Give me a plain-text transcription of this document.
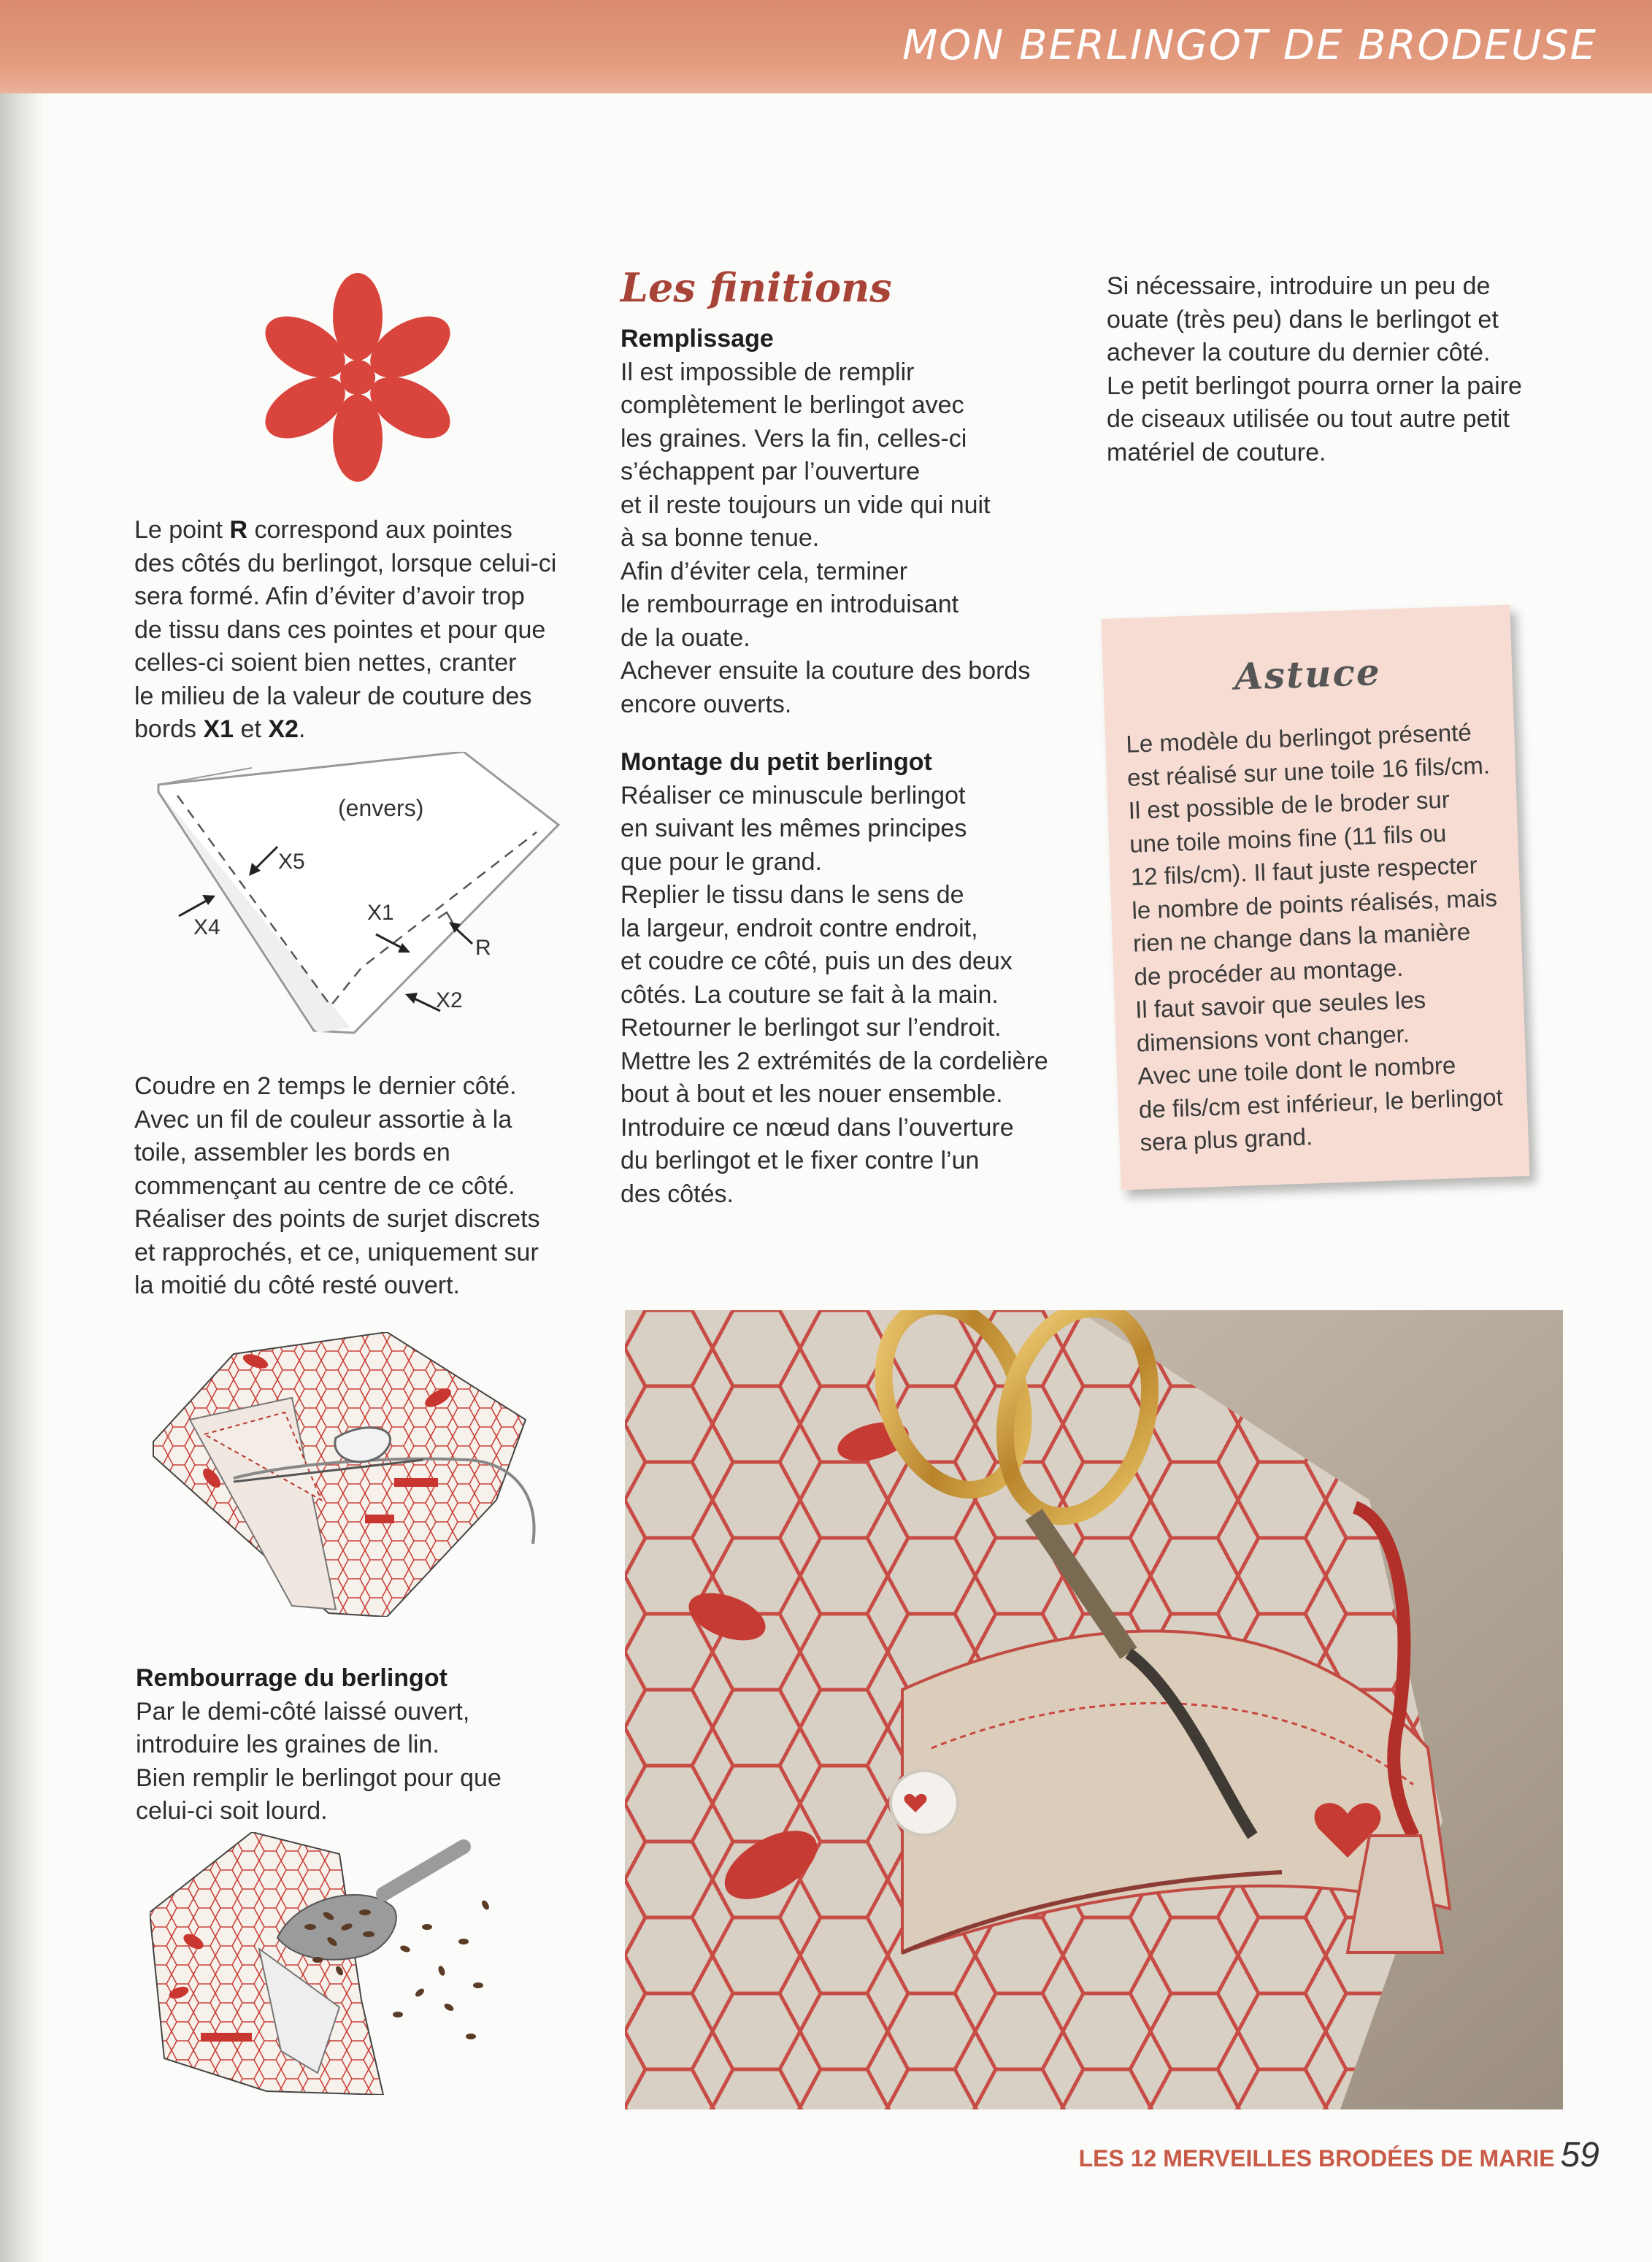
MON BERLINGOT DE BRODEUSE

Le point R correspond aux pointes
des côtés du berlingot, lorsque celui-ci
sera formé. Afin d’éviter d’avoir trop
de tissu dans ces pointes et pour que
celles-ci soient bien nettes, cranter
le milieu de la valeur de couture des
bords X1 et X2.

(envers)
X5
X4
X1
R
X2

Coudre en 2 temps le dernier côté.
Avec un fil de couleur assortie à la
toile, assembler les bords en
commençant au centre de ce côté.
Réaliser des points de surjet discrets
et rapprochés, et ce, uniquement sur
la moitié du côté resté ouvert.

Rembourrage du berlingot

Par le demi-côté laissé ouvert,
introduire les graines de lin.
Bien remplir le berlingot pour que
celui-ci soit lourd.

Les finitions

Remplissage

Il est impossible de remplir
complètement le berlingot avec
les graines. Vers la fin, celles-ci
s’échappent par l’ouverture
et il reste toujours un vide qui nuit
à sa bonne tenue.
Afin d’éviter cela, terminer
le rembourrage en introduisant
de la ouate.
Achever ensuite la couture des bords
encore ouverts.

Montage du petit berlingot

Réaliser ce minuscule berlingot
en suivant les mêmes principes
que pour le grand.
Replier le tissu dans le sens de
la largeur, endroit contre endroit,
et coudre ce côté, puis un des deux
côtés. La couture se fait à la main.
Retourner le berlingot sur l’endroit.
Mettre les 2 extrémités de la cordelière
bout à bout et les nouer ensemble.
Introduire ce nœud dans l’ouverture
du berlingot et le fixer contre l’un
des côtés.

Si nécessaire, introduire un peu de
ouate (très peu) dans le berlingot et
achever la couture du dernier côté.
Le petit berlingot pourra orner la paire
de ciseaux utilisée ou tout autre petit
matériel de couture.

Astuce

Le modèle du berlingot présenté
est réalisé sur une toile 16 fils/cm.
Il est possible de le broder sur
une toile moins fine (11 fils ou
12 fils/cm). Il faut juste respecter
le nombre de points réalisés, mais
rien ne change dans la manière
de procéder au montage.
Il faut savoir que seules les
dimensions vont changer.
Avec une toile dont le nombre
de fils/cm est inférieur, le berlingot
sera plus grand.

LES 12 MERVEILLES BRODÉES DE MARIE 59
